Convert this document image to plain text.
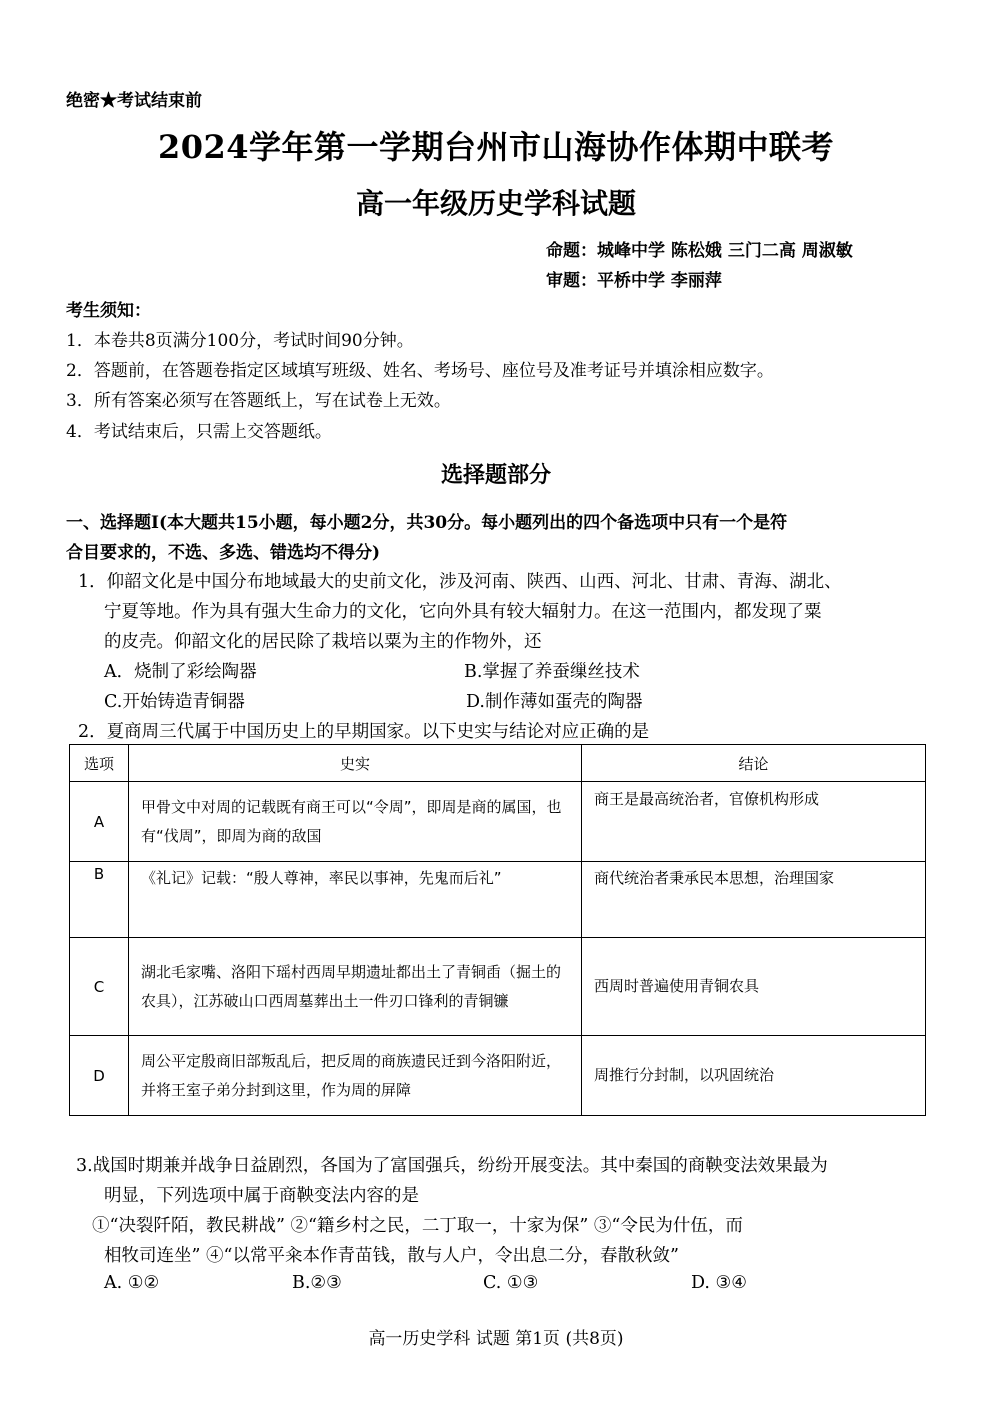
绝密★考试结束前
2024学年第一学期台州市山海协作体期中联考
高一年级历史学科试题
命题：城峰中学 陈松娥 三门二高 周淑敏
审题：平桥中学 李丽萍
考生须知：
1．本卷共8页满分100分，考试时间90分钟。
2．答题前，在答题卷指定区域填写班级、姓名、考场号、座位号及准考证号并填涂相应数字。
3．所有答案必须写在答题纸上，写在试卷上无效。
4．考试结束后，只需上交答题纸。
选择题部分
一、选择题Ⅰ(本大题共15小题，每小题2分，共30分。每小题列出的四个备选项中只有一个是符
合目要求的，不选、多选、错选均不得分)
1．仰韶文化是中国分布地域最大的史前文化，涉及河南、陕西、山西、河北、甘肃、青海、湖北、
宁夏等地。作为具有强大生命力的文化，它向外具有较大辐射力。在这一范围内，都发现了粟
的皮壳。仰韶文化的居民除了栽培以粟为主的作物外，还
A．烧制了彩绘陶器	B.掌握了养蚕缫丝技术
C.开始铸造青铜器	D.制作薄如蛋壳的陶器
2．夏商周三代属于中国历史上的早期国家。以下史实与结论对应正确的是
选项	史实	结论
A	甲骨文中对周的记载既有商王可以“令周”，即周是商的属国，也有“伐周”，即周为商的敌国	商王是最高统治者，官僚机构形成
B	《礼记》记载：“殷人尊神，率民以事神，先鬼而后礼”	商代统治者秉承民本思想，治理国家
C	湖北毛家嘴、洛阳下瑶村西周早期遗址都出土了青铜臿（掘土的农具），江苏破山口西周墓葬出土一件刃口锋利的青铜镰	西周时普遍使用青铜农具
D	周公平定殷商旧部叛乱后，把反周的商族遗民迁到今洛阳附近，并将王室子弟分封到这里，作为周的屏障	周推行分封制，以巩固统治
3.战国时期兼并战争日益剧烈，各国为了富国强兵，纷纷开展变法。其中秦国的商鞅变法效果最为
明显，下列选项中属于商鞅变法内容的是
①“决裂阡陌，教民耕战” ②“籍乡村之民，二丁取一，十家为保” ③“令民为什伍，而
相牧司连坐” ④“以常平籴本作青苗钱，散与人户，令出息二分，春散秋敛”
A. ①②	B.②③	C. ①③	D. ③④
高一历史学科 试题 第1页 (共8页)
